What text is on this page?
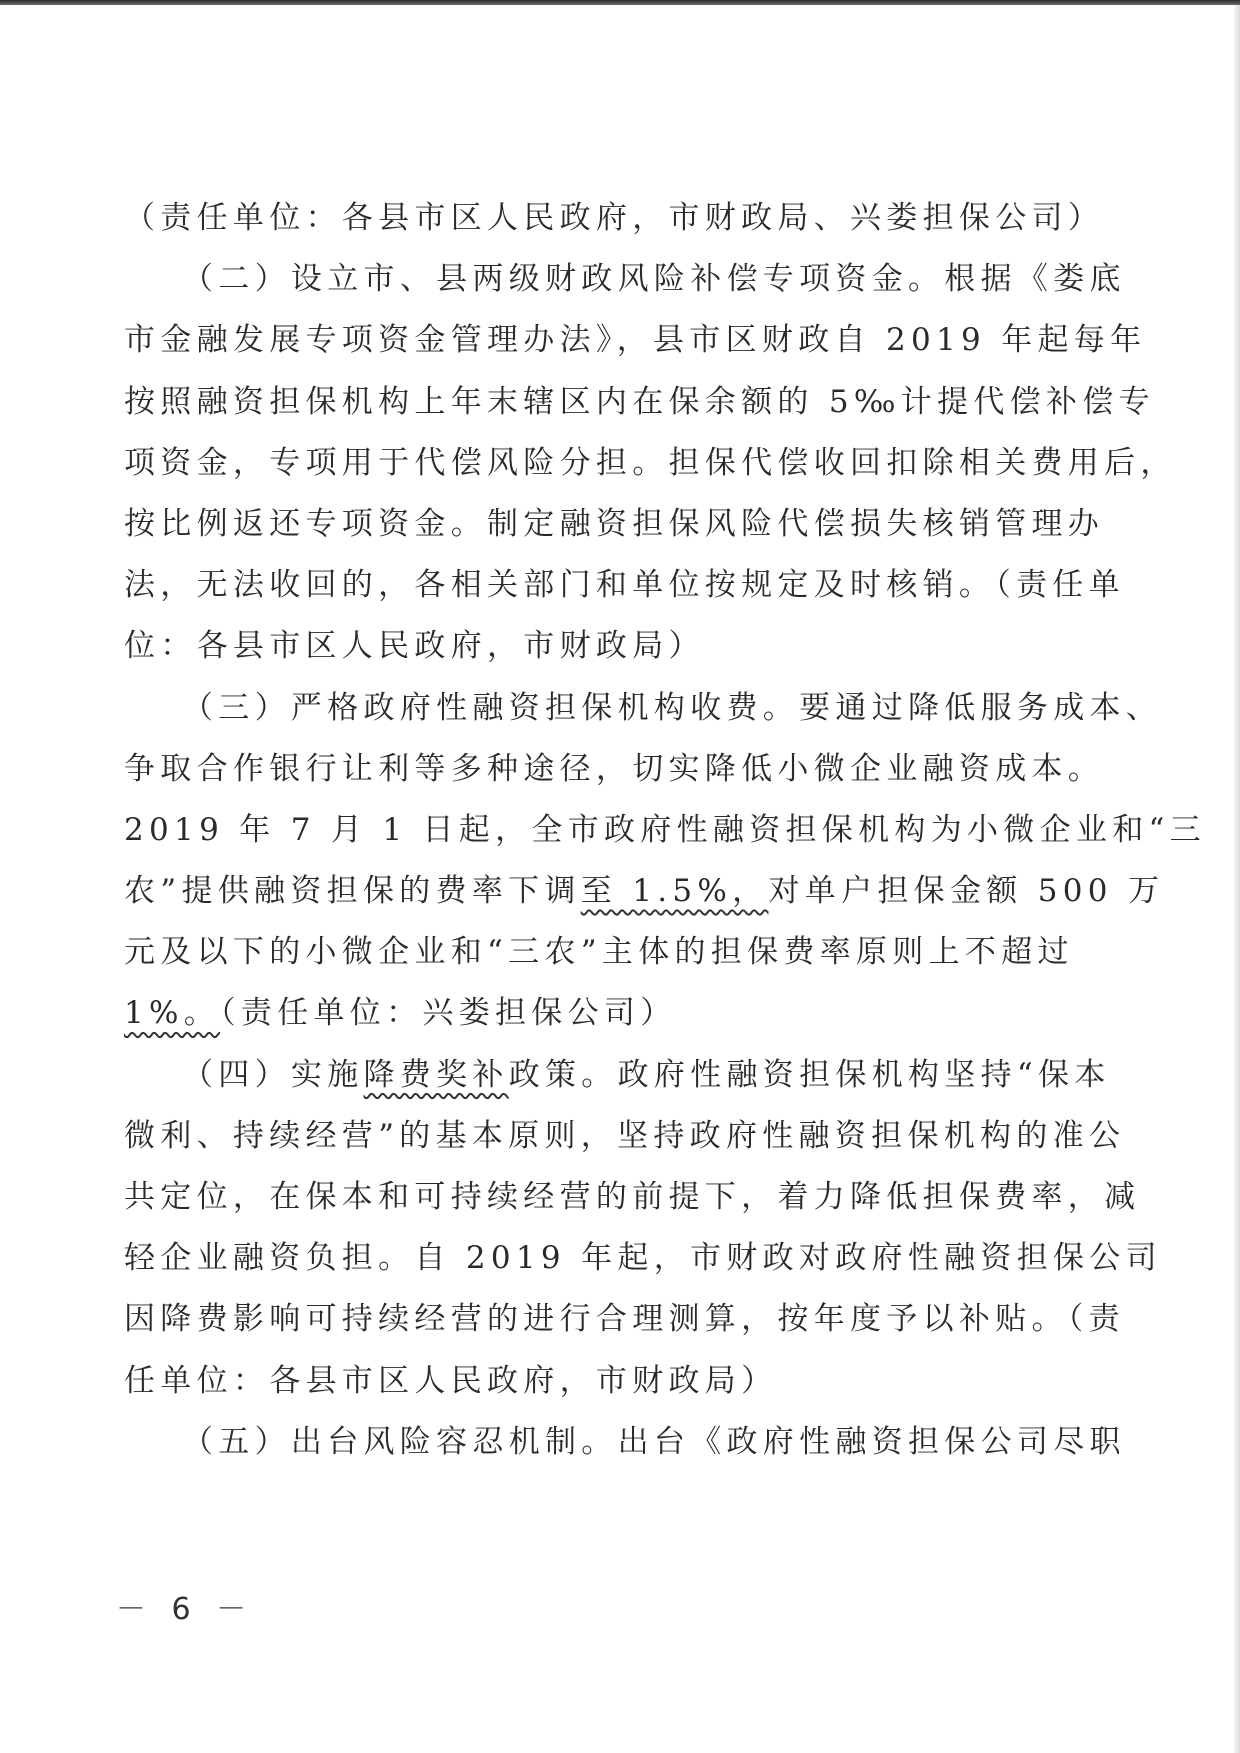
（责任单位：各县市区人民政府，市财政局、兴娄担保公司）
（二）设立市、县两级财政风险补偿专项资金。根据《娄底
市金融发展专项资金管理办法》，县市区财政自 2019 年起每年
按照融资担保机构上年末辖区内在保余额的 5‰计提代偿补偿专
项资金，专项用于代偿风险分担。担保代偿收回扣除相关费用后，
按比例返还专项资金。制定融资担保风险代偿损失核销管理办
法，无法收回的，各相关部门和单位按规定及时核销。（责任单
位：各县市区人民政府，市财政局）
（三）严格政府性融资担保机构收费。要通过降低服务成本、
争取合作银行让利等多种途径，切实降低小微企业融资成本。
2019 年 7 月 1 日起，全市政府性融资担保机构为小微企业和“三
农”提供融资担保的费率下调至 1.5%，对单户担保金额 500 万
元及以下的小微企业和“三农”主体的担保费率原则上不超过
1%。（责任单位：兴娄担保公司）
（四）实施降费奖补政策。政府性融资担保机构坚持“保本
微利、持续经营”的基本原则，坚持政府性融资担保机构的准公
共定位，在保本和可持续经营的前提下，着力降低担保费率，减
轻企业融资负担。自 2019 年起，市财政对政府性融资担保公司
因降费影响可持续经营的进行合理测算，按年度予以补贴。（责
任单位：各县市区人民政府，市财政局）
（五）出台风险容忍机制。出台《政府性融资担保公司尽职
－ 6 －
